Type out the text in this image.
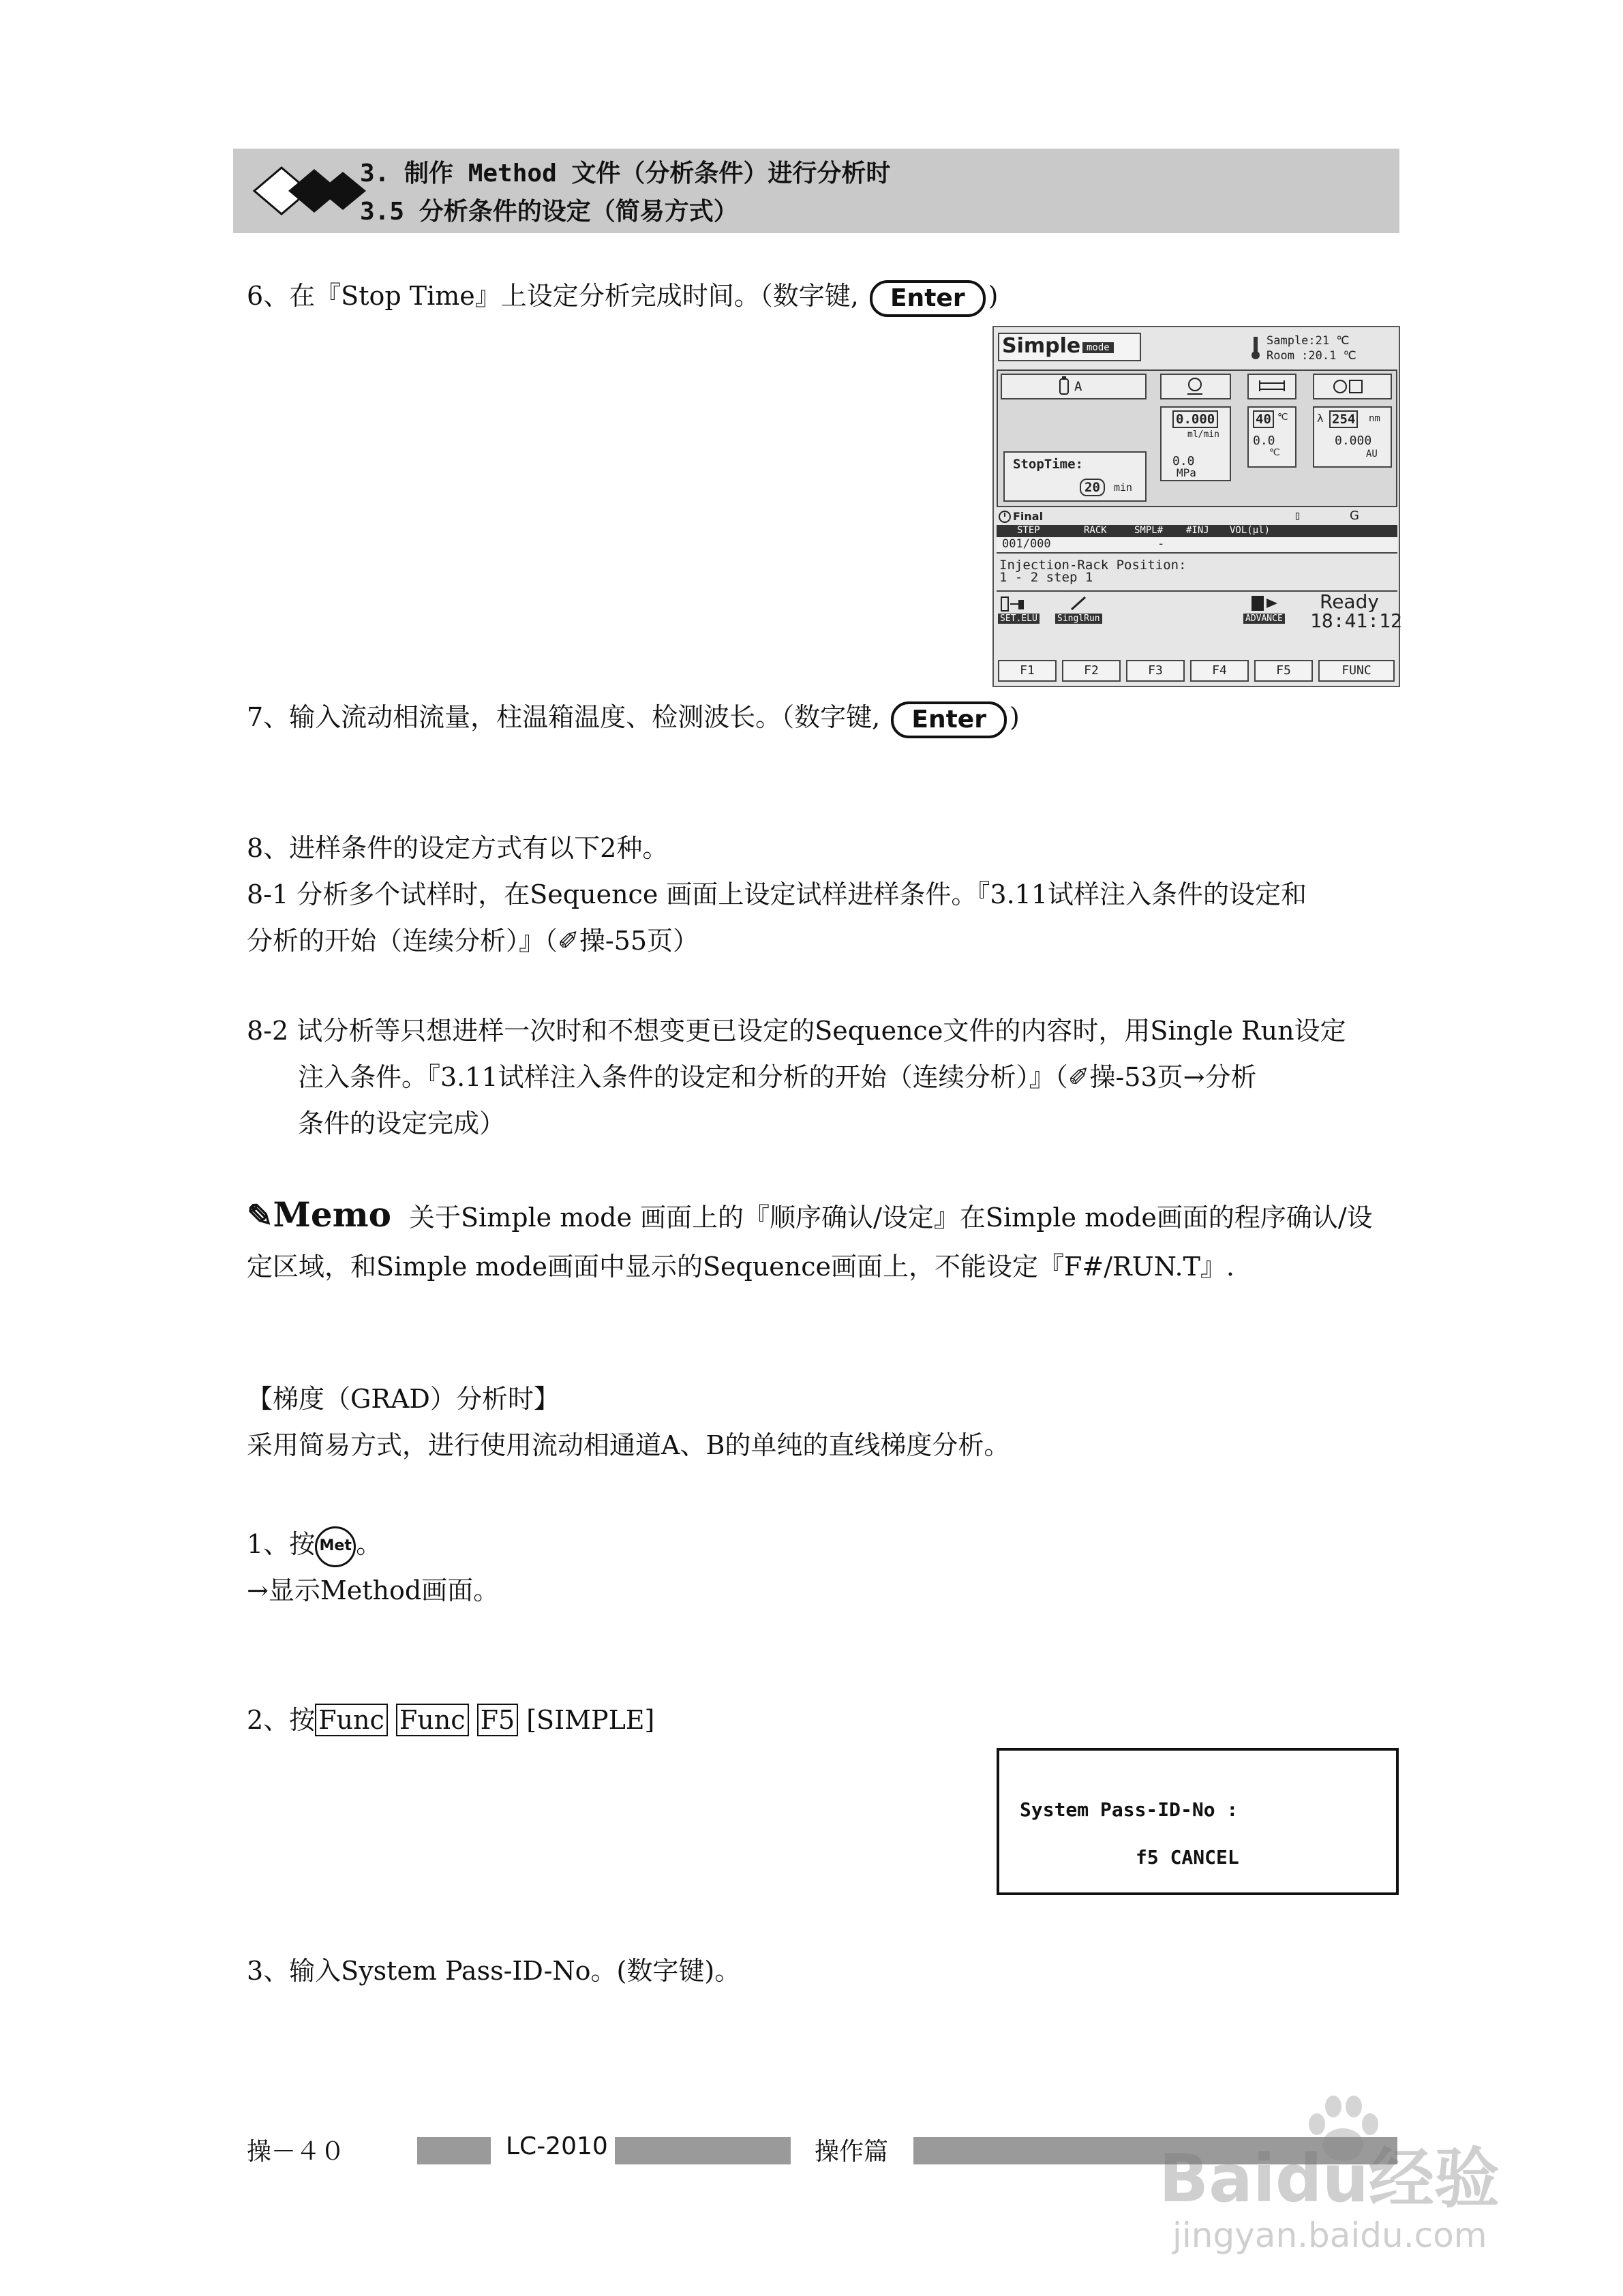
3. 制作 Method 文件（分析条件）进行分析时
3.5 分析条件的设定（简易方式）
6、在『Stop Time』上设定分析完成时间。（数字键, Enter )
Simple mode	Sample:21 ℃
Room :20.1 ℃
A
0.000
ml/min
0.0
MPa
40 ℃
0.0
℃
λ 254 nm
0.000
AU
StopTime:
20	min
Final	▯	G
STEP	RACK	SMPL# #INJ VOL(µl)
001/000	-
Injection-Rack Position:
1 - 2 step 1
SET.ELU SinglRun	ADVANCE
Ready
18:41:12
F1	F2	F3	F4	F5	FUNC
7、输入流动相流量，柱温箱温度、检测波长。（数字键, Enter )
8、进样条件的设定方式有以下2种。
8-1 分析多个试样时，在Sequence 画面上设定试样进样条件。『3.11试样注入条件的设定和
分析的开始（连续分析）』（✐操-55页）
8-2 试分析等只想进样一次时和不想变更已设定的Sequence文件的内容时，用Single Run设定
注入条件。『3.11试样注入条件的设定和分析的开始（连续分析）』（✐操-53页→分析
条件的设定完成）
✎Memo 关于Simple mode 画面上的『顺序确认/设定』在Simple mode画面的程序确认/设
定区域，和Simple mode画面中显示的Sequence画面上，不能设定『F#/RUN.T』.
【梯度（GRAD）分析时】
采用简易方式，进行使用流动相通道A、B的单纯的直线梯度分析。
1、按 Met 。
→显示Method画面。
2、按 Func Func F5 [SIMPLE]
System Pass-ID-No :
f5 CANCEL
3、输入System Pass-ID-No。(数字键)。
操－４０	LC-2010	操作篇	Baidu经验
jingyan.baidu.com
